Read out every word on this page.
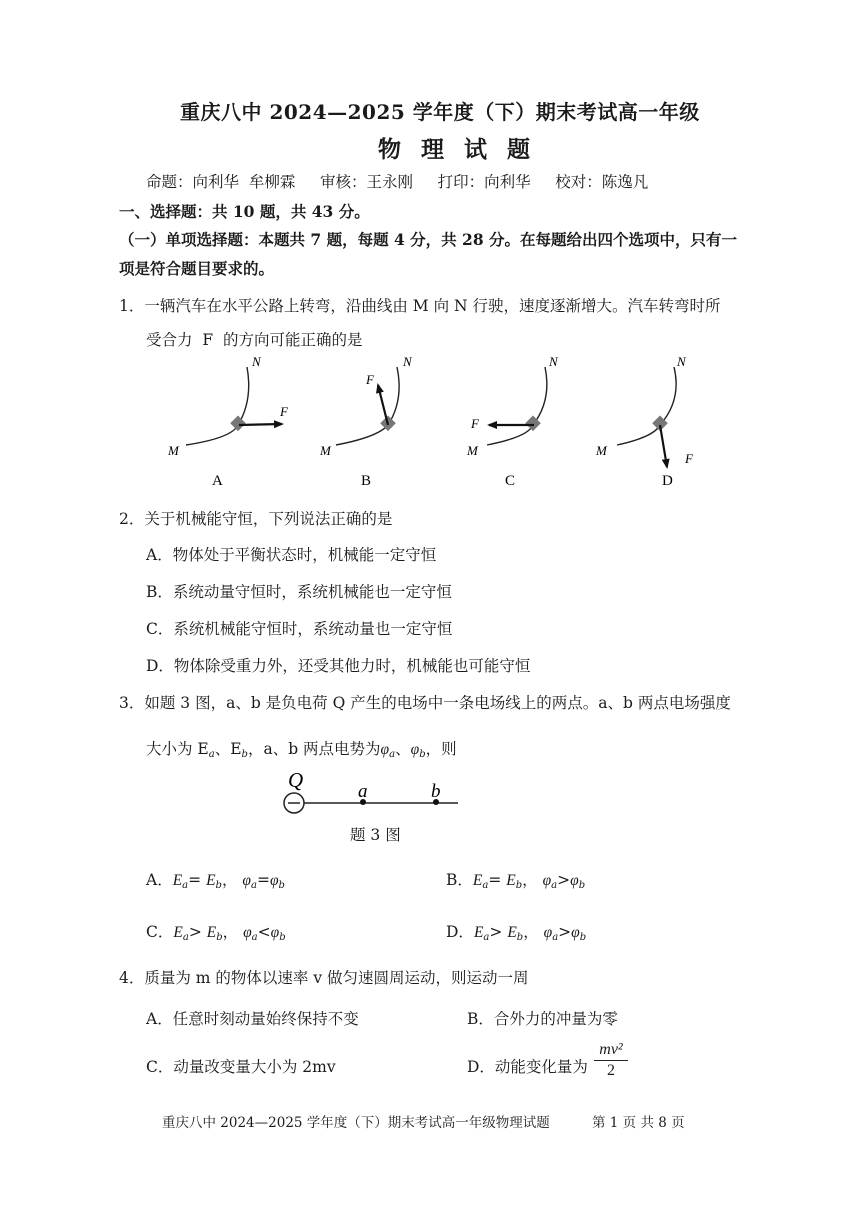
重庆八中 2024—2025 学年度（下）期末考试高一年级
物 理 试 题
命题：向利华  牟柳霖     审核：王永刚     打印：向利华     校对：陈逸凡
一、选择题：共 10 题，共 43 分。
（一）单项选择题：本题共 7 题，每题 4 分，共 28 分。在每题给出四个选项中，只有一
项是符合题目要求的。
1．一辆汽车在水平公路上转弯，沿曲线由 M 向 N 行驶，速度逐渐增大。汽车转弯时所
受合力  F  的方向可能正确的是
M
N
F
A
M
N
F
B
M
N
F
C
M
N
F
D
Q	a	b
2．关于机械能守恒，下列说法正确的是
A．物体处于平衡状态时，机械能一定守恒
B．系统动量守恒时，系统机械能也一定守恒
C．系统机械能守恒时，系统动量也一定守恒
D．物体除受重力外，还受其他力时，机械能也可能守恒
3．如题 3 图，a、b 是负电荷 Q 产生的电场中一条电场线上的两点。a、b 两点电场强度
大小为 $E_a$、$E_b$，a、b 两点电势为$\varphi_a$、$\varphi_b$，则
题 3 图
A．$E_a= E_b$， $\varphi_a=\varphi_b$	B．$E_a= E_b$， $\varphi_a>\varphi_b$
C．$E_a> E_b$， $\varphi_a<\varphi_b$	D．$E_a> E_b$， $\varphi_a>\varphi_b$
4．质量为 m 的物体以速率 v 做匀速圆周运动，则运动一周
A．任意时刻动量始终保持不变	B．合外力的冲量为零
C．动量改变量大小为 2mv	D．动能变化量为 $\frac{\text{mv²}}{2}$
重庆八中 2024—2025 学年度（下）期末考试高一年级物理试题	第 1 页 共 8 页
